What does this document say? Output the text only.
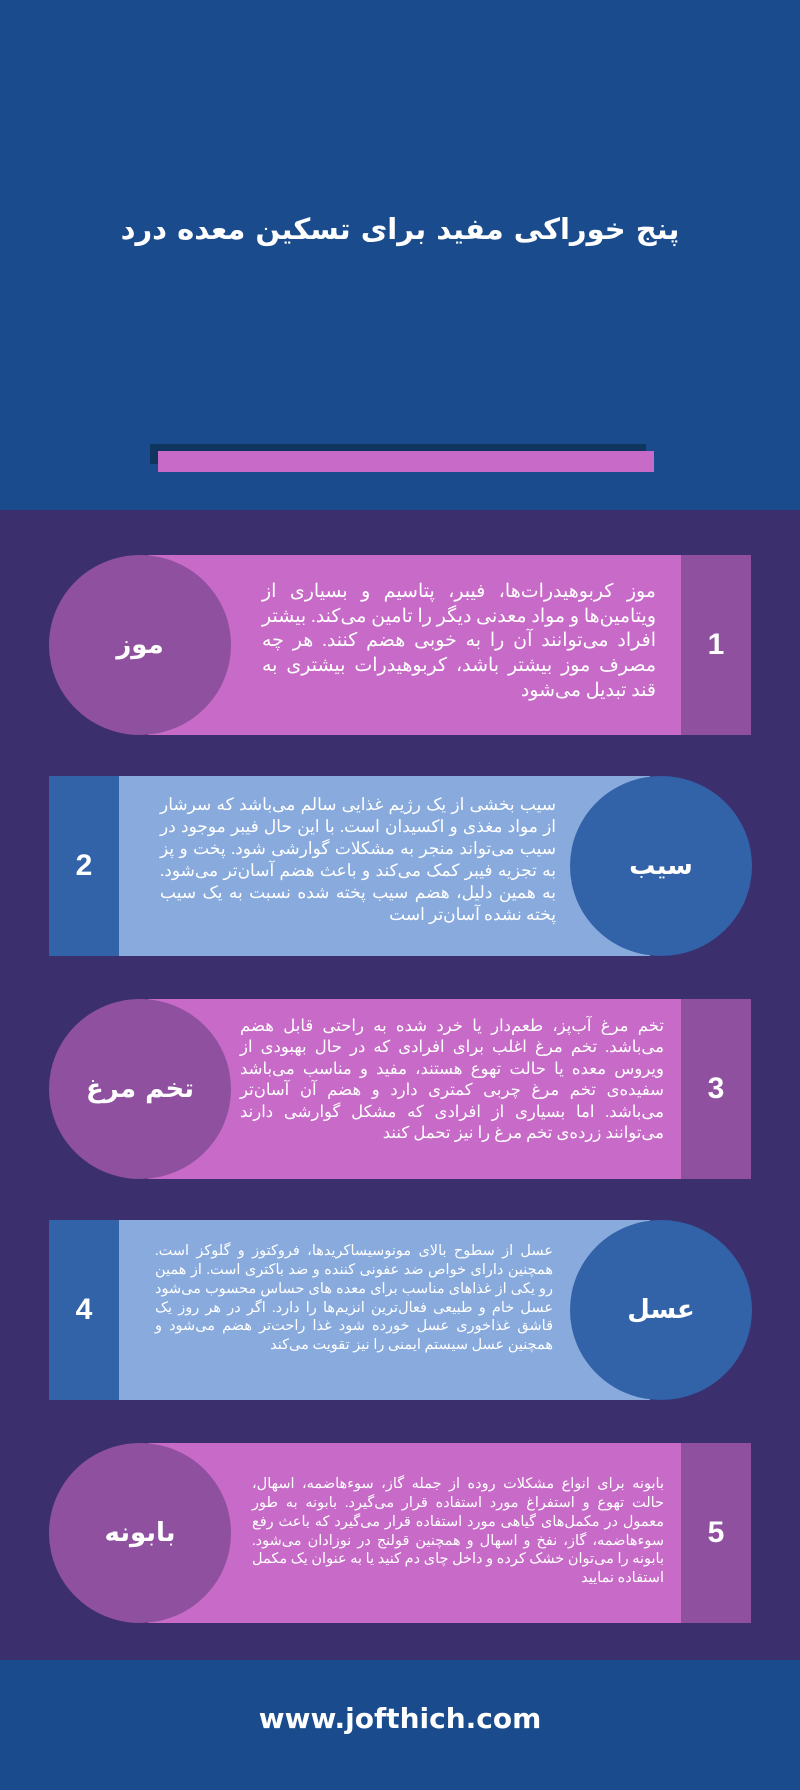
پنج خوراکی مفید برای تسکین معده درد
1
موز
موز کربوهیدرات‌ها، فیبر، پتاسیم و بسیاری از ویتامین‌ها و مواد معدنی دیگر را تامین می‌کند. بیشتر افراد می‌توانند آن را به خوبی هضم کنند. هر چه مصرف موز بیشتر باشد، کربوهیدرات بیشتری به قند تبدیل می‌شود
2	سیب
سیب بخشی از یک رژیم غذایی سالم می‌باشد که سرشار از مواد مغذی و اکسیدان است. با این حال فیبر موجود در سیب می‌تواند منجر به مشکلات گوارشی شود. پخت و پز به تجزیه فیبر کمک می‌کند و باعث هضم آسان‌تر می‌شود. به همین دلیل، هضم سیب پخته شده نسبت به یک سیب پخته نشده آسان‌تر است
3
تخم مرغ
تخم مرغ آب‌پز، طعم‌دار یا خرد شده به راحتی قابل هضم می‌باشد. تخم مرغ اغلب برای افرادی که در حال بهبودی از ویروس معده یا حالت تهوع هستند، مفید و مناسب می‌باشد سفیده‌ی تخم مرغ چربی کمتری دارد و هضم آن آسان‌تر می‌باشد. اما بسیاری از افرادی که مشکل گوارشی دارند می‌توانند زرده‌ی تخم مرغ را نیز تحمل کنند
4	عسل
عسل از سطوح بالای مونوسیساکریدها، فروکتوز و گلوکز است. همچنین دارای خواص ضد عفونی کننده و ضد باکتری است. از همین رو یکی از غذاهای مناسب برای معده های حساس محسوب می‌شود عسل خام و طبیعی فعال‌ترین انزیم‌ها را دارد. اگر در هر روز یک قاشق غذاخوری عسل خورده شود غذا راحت‌تر هضم می‌شود و همچنین عسل سیستم ایمنی را نیز تقویت می‌کند
5
بابونه
بابونه برای انواع مشکلات روده از جمله گاز، سوءهاضمه، اسهال، حالت تهوع و استفراغ مورد استفاده قرار می‌گیرد. بابونه به طور معمول در مکمل‌های گیاهی مورد استفاده قرار می‌گیرد که باعث رفع سوءهاضمه، گاز، نفخ و اسهال و همچنین قولنج در نوزادان می‌شود. بابونه را می‌توان خشک کرده و داخل چای دم کنید یا به عنوان یک مکمل استفاده نمایید
www.jofthich.com
